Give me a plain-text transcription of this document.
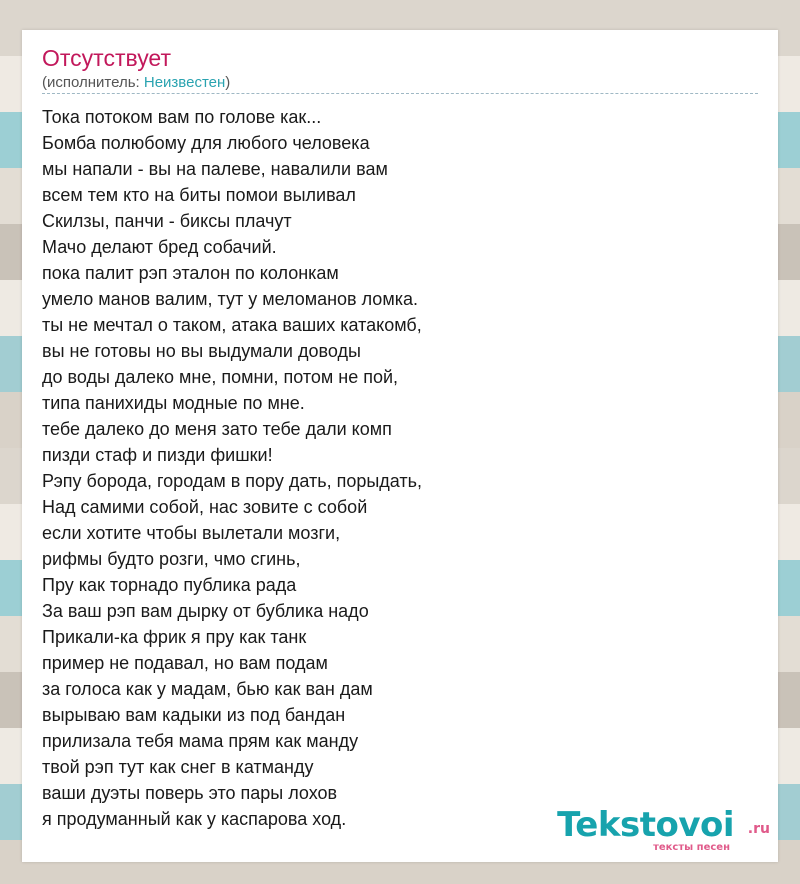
Отсутствует
(исполнитель: Неизвестен)
Тока потоком вам по голове как...
Бомба полюбому для любого человека
мы напали - вы на палеве, навалили вам
всем тем кто на биты помои выливал
Скилзы, панчи - биксы плачут
Мачо делают бред собачий.
пока палит рэп эталон по колонкам
умело манов валим, тут у меломанов ломка.
ты не мечтал о таком, атака ваших катакомб,
вы не готовы но вы выдумали доводы
до воды далеко мне, помни, потом не пой,
типа панихиды модные по мне.
тебе далеко до меня зато тебе дали комп
пизди стаф и пизди фишки!
Рэпу борода, городам в пору дать, порыдать,
Над самими собой, нас зовите с собой
если хотите чтобы вылетали мозги,
рифмы будто розги, чмо сгинь,
Пру как торнадо публика рада
За ваш рэп вам дырку от бублика надо
Прикали-ка фрик я пру как танк
пример не подавал, но вам подам
за голоса как у мадам, бью как ван дам
вырываю вам кадыки из под бандан
прилизала тебя мама прям как манду
твой рэп тут как снег в катманду
ваши дуэты поверь это пары лохов
я продуманный как у каспарова ход.	Tekstovoi .ru
тексты песен
